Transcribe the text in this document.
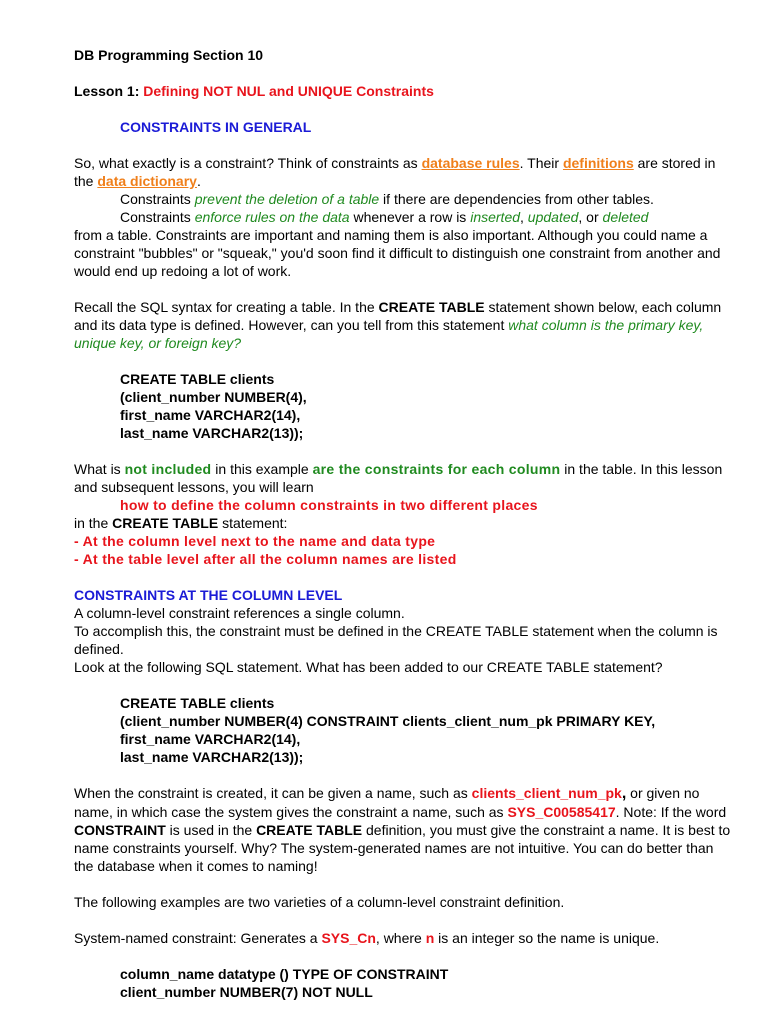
DB Programming Section 10

Lesson 1: Defining NOT NUL and UNIQUE Constraints

CONSTRAINTS IN GENERAL

So, what exactly is a constraint? Think of constraints as database rules. Their definitions are stored in the data dictionary.

Constraints prevent the deletion of a table if there are dependencies from other tables.

Constraints enforce rules on the data whenever a row is inserted, updated, or deleted

from a table. Constraints are important and naming them is also important. Although you could name a constraint "bubbles" or "squeak," you'd soon find it difficult to distinguish one constraint from another and would end up redoing a lot of work.

Recall the SQL syntax for creating a table. In the CREATE TABLE statement shown below, each column and its data type is defined. However, can you tell from this statement what column is the primary key, unique key, or foreign key?

CREATE TABLE clients
(client_number NUMBER(4),
first_name VARCHAR2(14),
last_name VARCHAR2(13));

What is not included in this example are the constraints for each column in the table. In this lesson and subsequent lessons, you will learn

how to define the column constraints in two different places

in the CREATE TABLE statement:

- At the column level next to the name and data type

- At the table level after all the column names are listed

CONSTRAINTS AT THE COLUMN LEVEL

A column-level constraint references a single column.

To accomplish this, the constraint must be defined in the CREATE TABLE statement when the column is defined.

Look at the following SQL statement. What has been added to our CREATE TABLE statement?

CREATE TABLE clients
(client_number NUMBER(4) CONSTRAINT clients_client_num_pk PRIMARY KEY,
first_name VARCHAR2(14),
last_name VARCHAR2(13));

When the constraint is created, it can be given a name, such as clients_client_num_pk, or given no name, in which case the system gives the constraint a name, such as SYS_C00585417. Note: If the word CONSTRAINT is used in the CREATE TABLE definition, you must give the constraint a name. It is best to name constraints yourself. Why? The system-generated names are not intuitive. You can do better than the database when it comes to naming!

The following examples are two varieties of a column-level constraint definition.

System-named constraint: Generates a SYS_Cn, where n is an integer so the name is unique.

column_name datatype () TYPE OF CONSTRAINT
client_number NUMBER(7) NOT NULL
